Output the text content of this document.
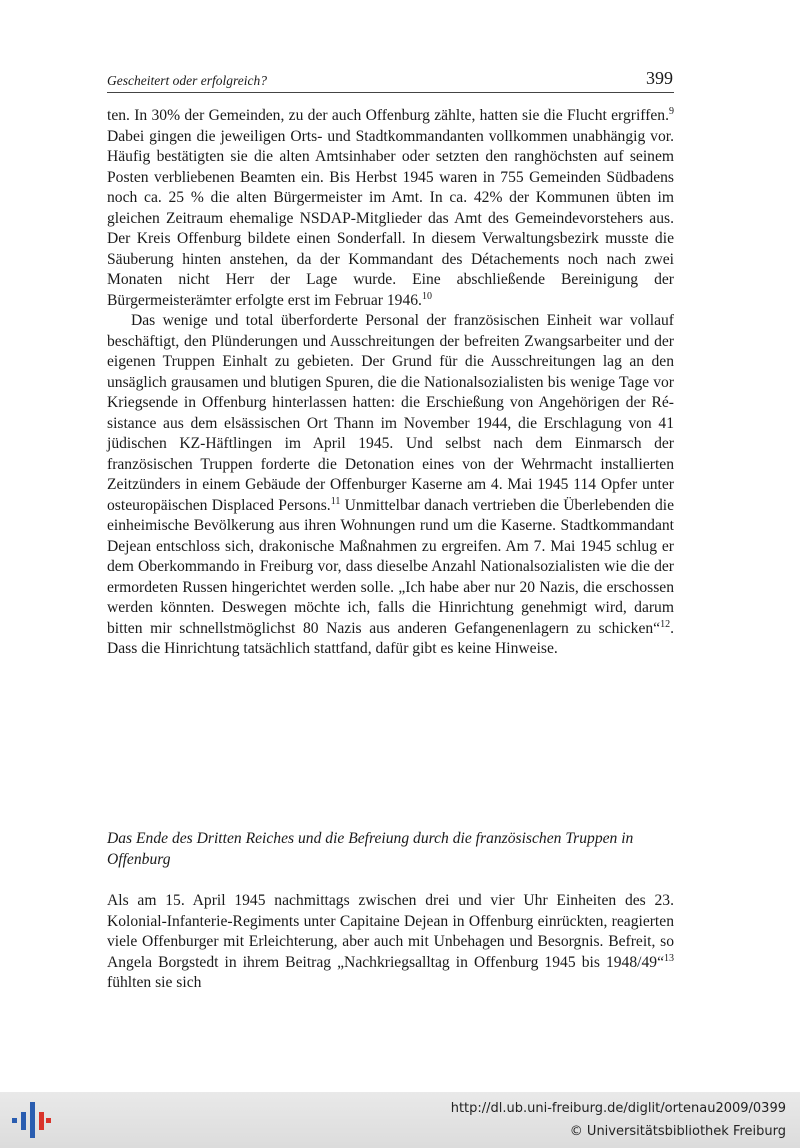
Gescheitert oder erfolgreich?	399

ten. In 30% der Gemeinden, zu der auch Offenburg zählte, hatten sie die Flucht ergriffen.$^9$ Dabei gingen die jeweiligen Orts- und Stadtkommandanten vollkommen unabhängig vor. Häufig bestätigten sie die alten Amtsinhaber oder setzten den ranghöchsten auf seinem Posten verbliebenen Beamten ein. Bis Herbst 1945 waren in 755 Gemeinden Südbadens noch ca. 25 % die alten Bürgermeister im Amt. In ca. 42% der Kommunen übten im gleichen Zeitraum ehemalige NSDAP-Mitglieder das Amt des Gemeindevorstehers aus. Der Kreis Offenburg bildete einen Sonderfall. In diesem Verwaltungsbezirk musste die Säuberung hinten anstehen, da der Kommandant des Détachements noch nach zwei Monaten nicht Herr der Lage wurde. Eine abschließende Bereinigung der Bürgermeisterämter erfolgte erst im Februar 1946.10

Das wenige und total überforderte Personal der französischen Einheit war vollauf beschäftigt, den Plünderungen und Ausschreitungen der befreiten Zwangsarbeiter und der eigenen Truppen Einhalt zu gebieten. Der Grund für die Ausschreitungen lag an den unsäglich grausamen und blutigen Spuren, die die Nationalsozialisten bis wenige Tage vor Kriegsende in Offenburg hinterlassen hatten: die Erschießung von Angehörigen der Résistance aus dem elsässischen Ort Thann im November 1944, die Erschlagung von 41 jüdischen KZ-Häftlingen im April 1945. Und selbst nach dem Einmarsch der französischen Truppen forderte die Detonation eines von der Wehrmacht installierten Zeitzünders in einem Gebäude der Offenburger Kaserne am 4. Mai 1945 114 Opfer unter osteuropäischen Displaced Persons.$^{11}$ Unmittelbar danach vertrieben die Überlebenden die einheimische Bevölkerung aus ihren Wohnungen rund um die Kaserne. Stadtkommandant Dejean entschloss sich, drakonische Maßnahmen zu ergreifen. Am 7. Mai 1945 schlug er dem Oberkommando in Freiburg vor, dass dieselbe Anzahl Nationalsozialisten wie die der ermordeten Russen hingerichtet werden solle. „Ich habe aber nur 20 Nazis, die erschossen werden könnten. Deswegen möchte ich, falls die Hinrichtung genehmigt wird, darum bitten mir schnellstmöglichst 80 Nazis aus anderen Gefangenenlagern zu schicken“$^{12}$. Dass die Hinrichtung tatsächlich stattfand, dafür gibt es keine Hinweise.

Das Ende des Dritten Reiches und die Befreiung durch die französischen Truppen in Offenburg

Als am 15. April 1945 nachmittags zwischen drei und vier Uhr Einheiten des 23. Kolonial-Infanterie-Regiments unter Capitaine Dejean in Offenburg einrückten, reagierten viele Offenburger mit Erleichterung, aber auch mit Unbehagen und Besorgnis. Befreit, so Angela Borgstedt in ihrem Beitrag „Nachkriegsalltag in Offenburg 1945 bis 1948/49“$^{13}$ fühlten sie sich

http://dl.ub.uni-freiburg.de/diglit/ortenau2009/0399
© Universitätsbibliothek Freiburg
